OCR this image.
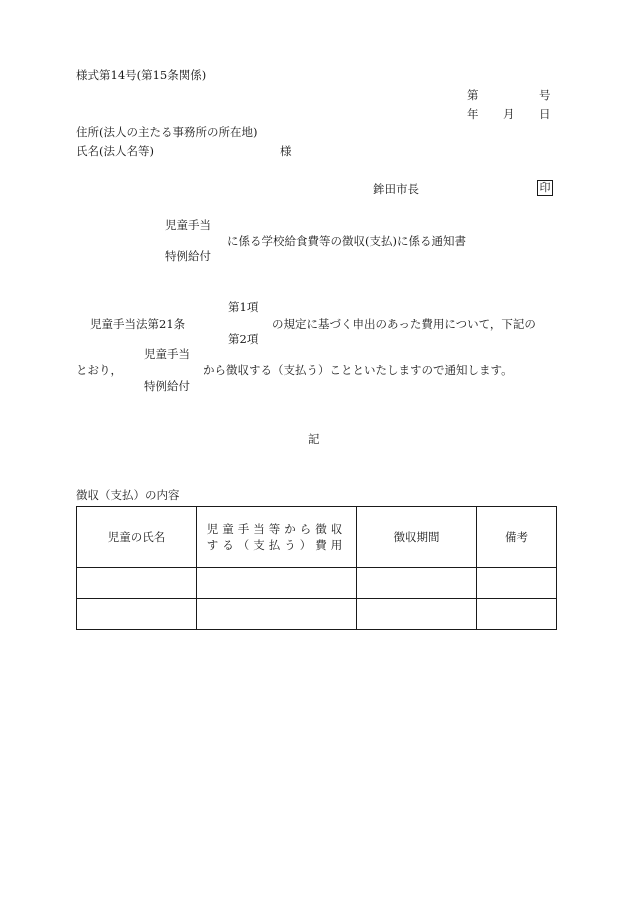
様式第14号(第15条関係)
第	号
年 月 日
住所(法人の主たる事務所の所在地)
氏名(法人名等)	様
鉾田市長	印
児童手当
に係る学校給食費等の徴収(支払)に係る通知書
特例給付
第1項
児童手当法第21条	の規定に基づく申出のあった費用について，下記の
第2項
児童手当
とおり，	から徴収する（支払う）ことといたしますので通知します。
特例給付
記
徴収（支払）の内容
児童の氏名	児童手当等から徴収
する（支払う）費用	徴収期間	備考
